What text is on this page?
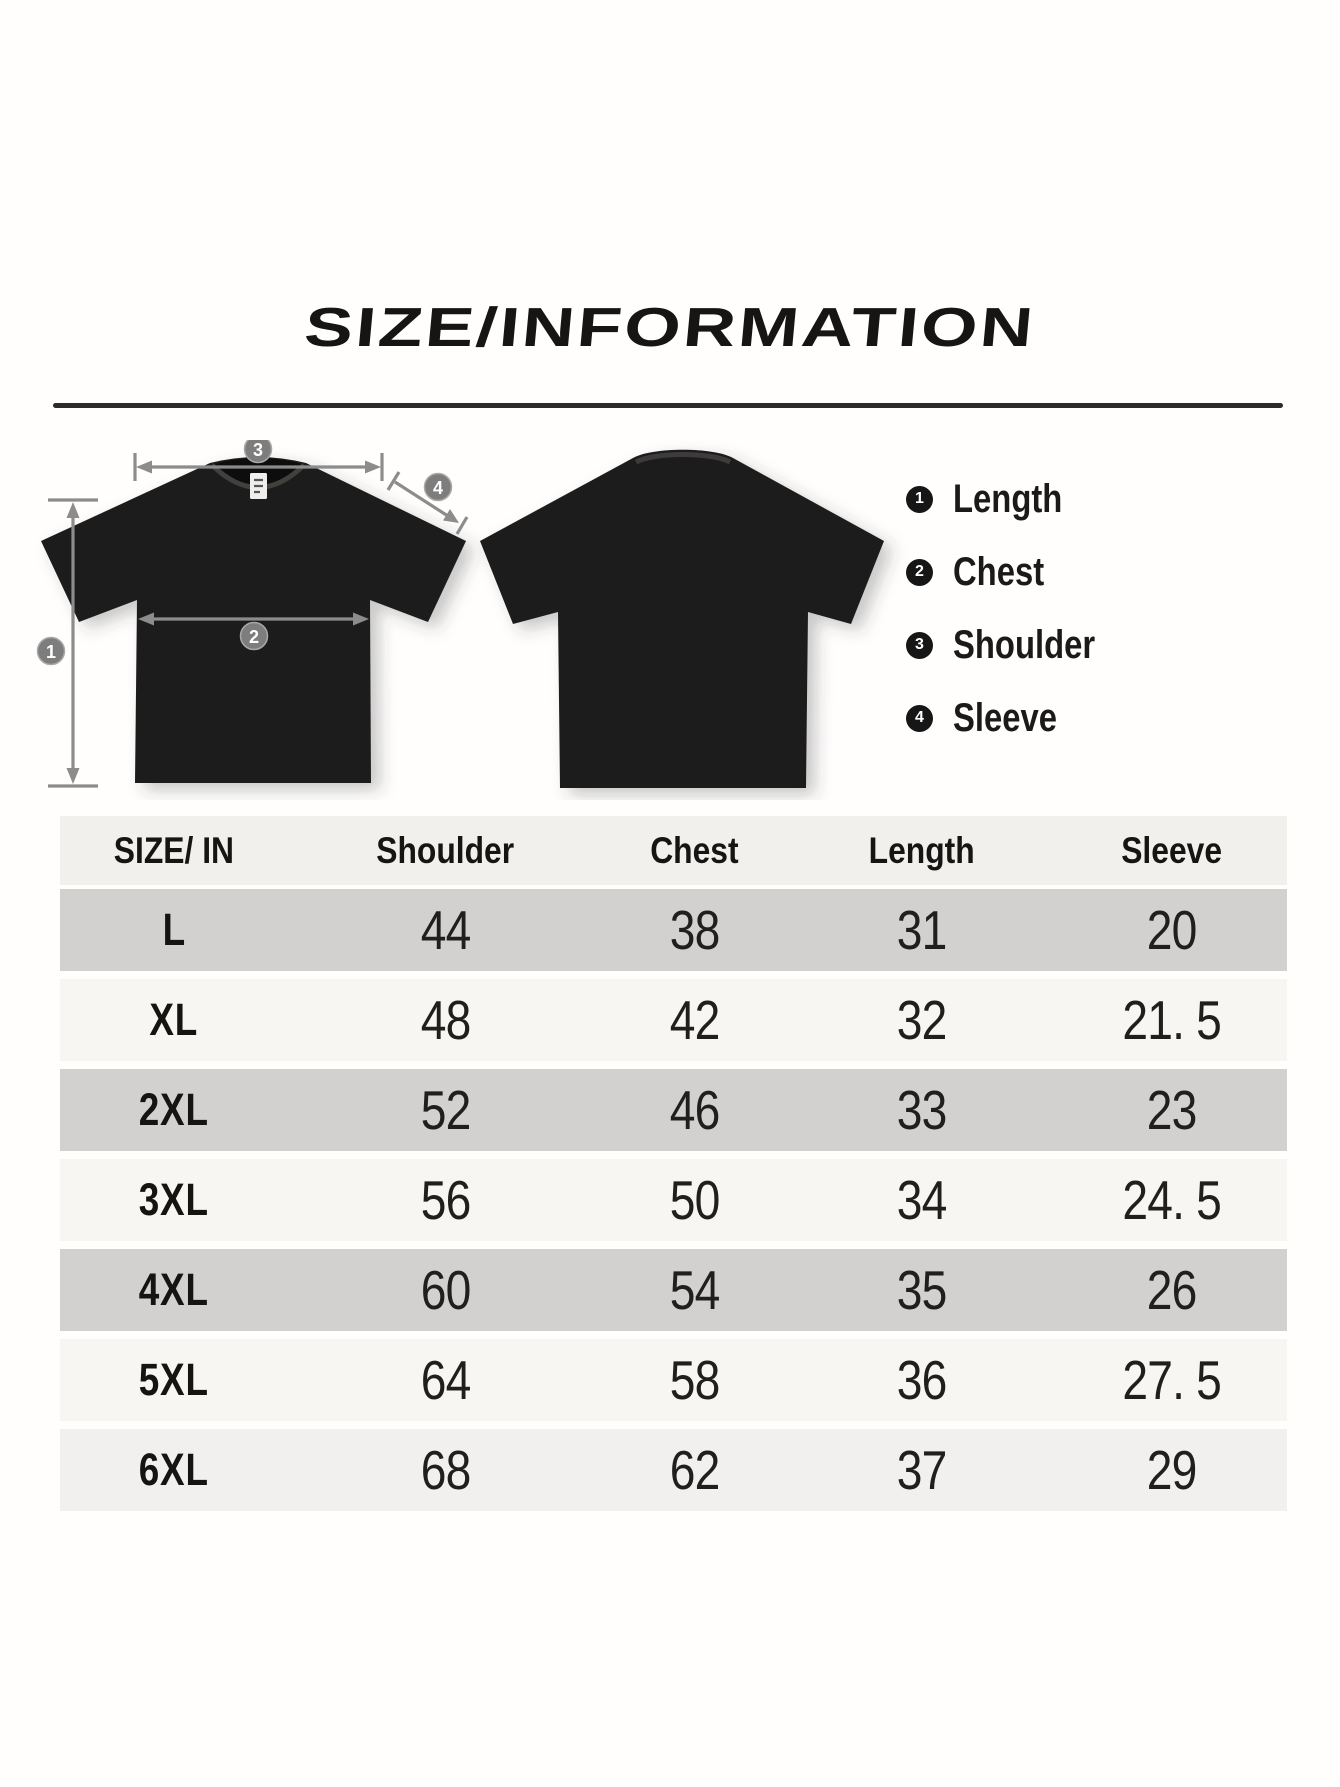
SIZE/INFORMATION
3
4
1
2
1 Length
2 Chest
3 Shoulder
4 Sleeve
SIZE/ IN	Shoulder	Chest	Length	Sleeve
L	44	38	31	20
XL	48	42	32	21. 5
2XL	52	46	33	23
3XL	56	50	34	24. 5
4XL	60	54	35	26
5XL	64	58	36	27. 5
6XL	68	62	37	29
